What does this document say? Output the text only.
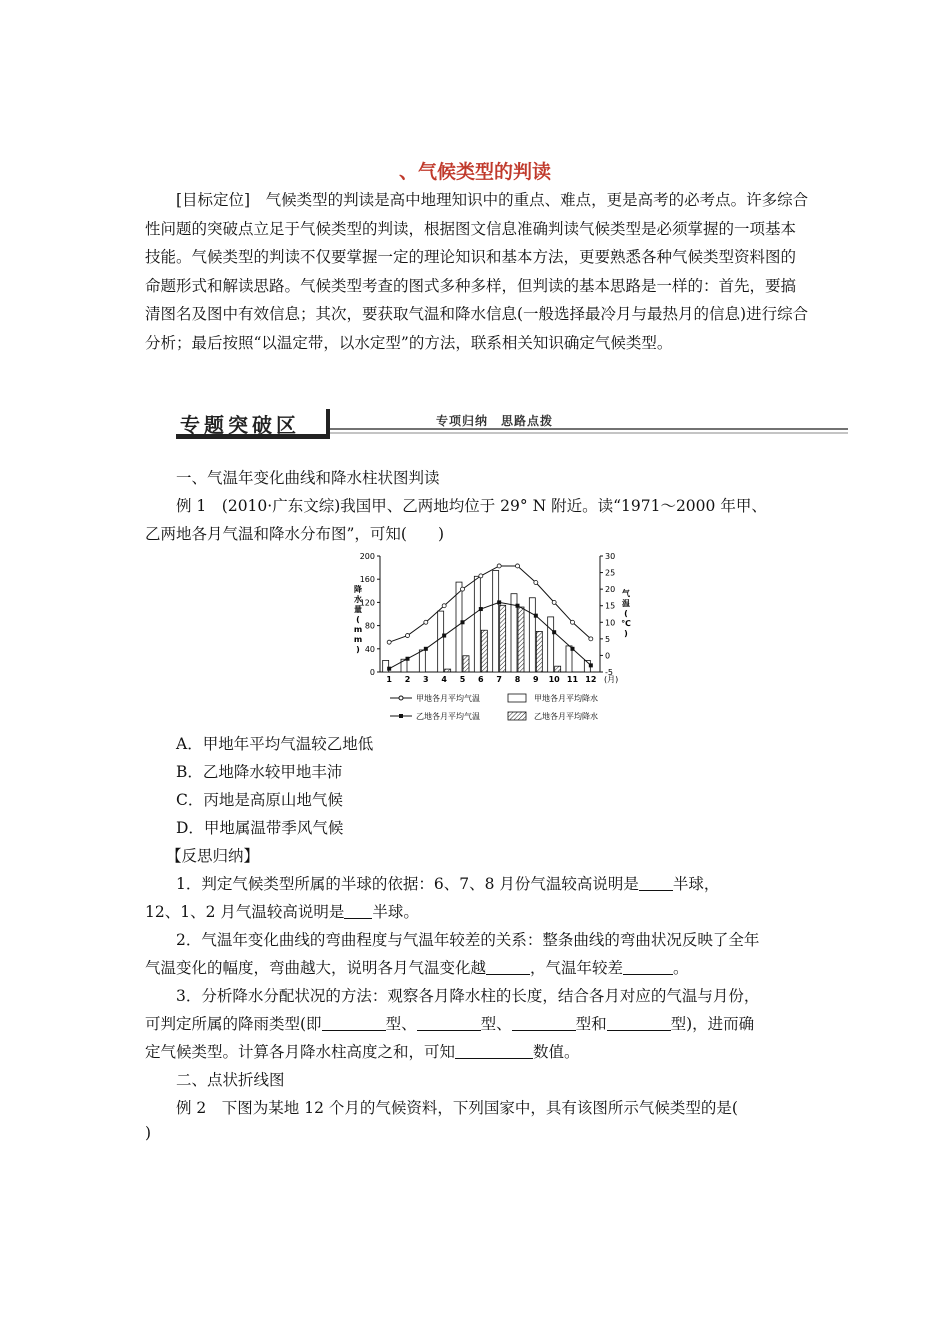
、气候类型的判读
[目标定位]　 气候类型的判读是高中地理知识中的重点、难点，更是高考的必考点。许多综合性问题的突破点立足于气候类型的判读，根据图文信息准确判读气候类型是必须掌握的一项基本技能。气候类型的判读不仅要掌握一定的理论知识和基本方法，更要熟悉各种气候类型资料图的命题形式和解读思路。气候类型考查的图式多种多样，但判读的基本思路是一样的：首先，要搞清图名及图中有效信息；其次，要获取气温和降水信息(一般选择最冷月与最热月的信息)进行综合分析；最后按照“以温定带，以水定型”的方法，联系相关知识确定气候类型。
专题突破区	专项归纳　思路点拨
一、气温年变化曲线和降水柱状图判读
例 1　(2010·广东文综)我国甲、乙两地均位于 29° N 附近。读“1971～2000 年甲、
乙两地各月气温和降水分布图”，可知(　　)
0
40
80
120
160
200
-5
0
5
10
15
20
25
30
降
水
量
(
m
m
)
气
温
(
℃
)
1 2 3 4 5 6 7 8 9 10 11 12 (月)
甲地各月平均气温	甲地各月平均降水
乙地各月平均气温	乙地各月平均降水
A．甲地年平均气温较乙地低
B．乙地降水较甲地丰沛
C．丙地是高原山地气候
D．甲地属温带季风气候
【反思归纳】
1．判定气候类型所属的半球的依据：6、7、8 月份气温较高说明是 半球，
12、1、2 月气温较高说明是 半球。
2．气温年变化曲线的弯曲程度与气温年较差的关系：整条曲线的弯曲状况反映了全年
气温变化的幅度，弯曲越大，说明各月气温变化越	，气温年较差	。
3．分析降水分配状况的方法：观察各月降水柱的长度，结合各月对应的气温与月份，
可判定所属的降雨类型(即	型、	型、	型和	型)，进而确
定气候类型。计算各月降水柱高度之和，可知	数值。
二、点状折线图
例 2　下图为某地 12 个月的气候资料，下列国家中，具有该图所示气候类型的是(
)
